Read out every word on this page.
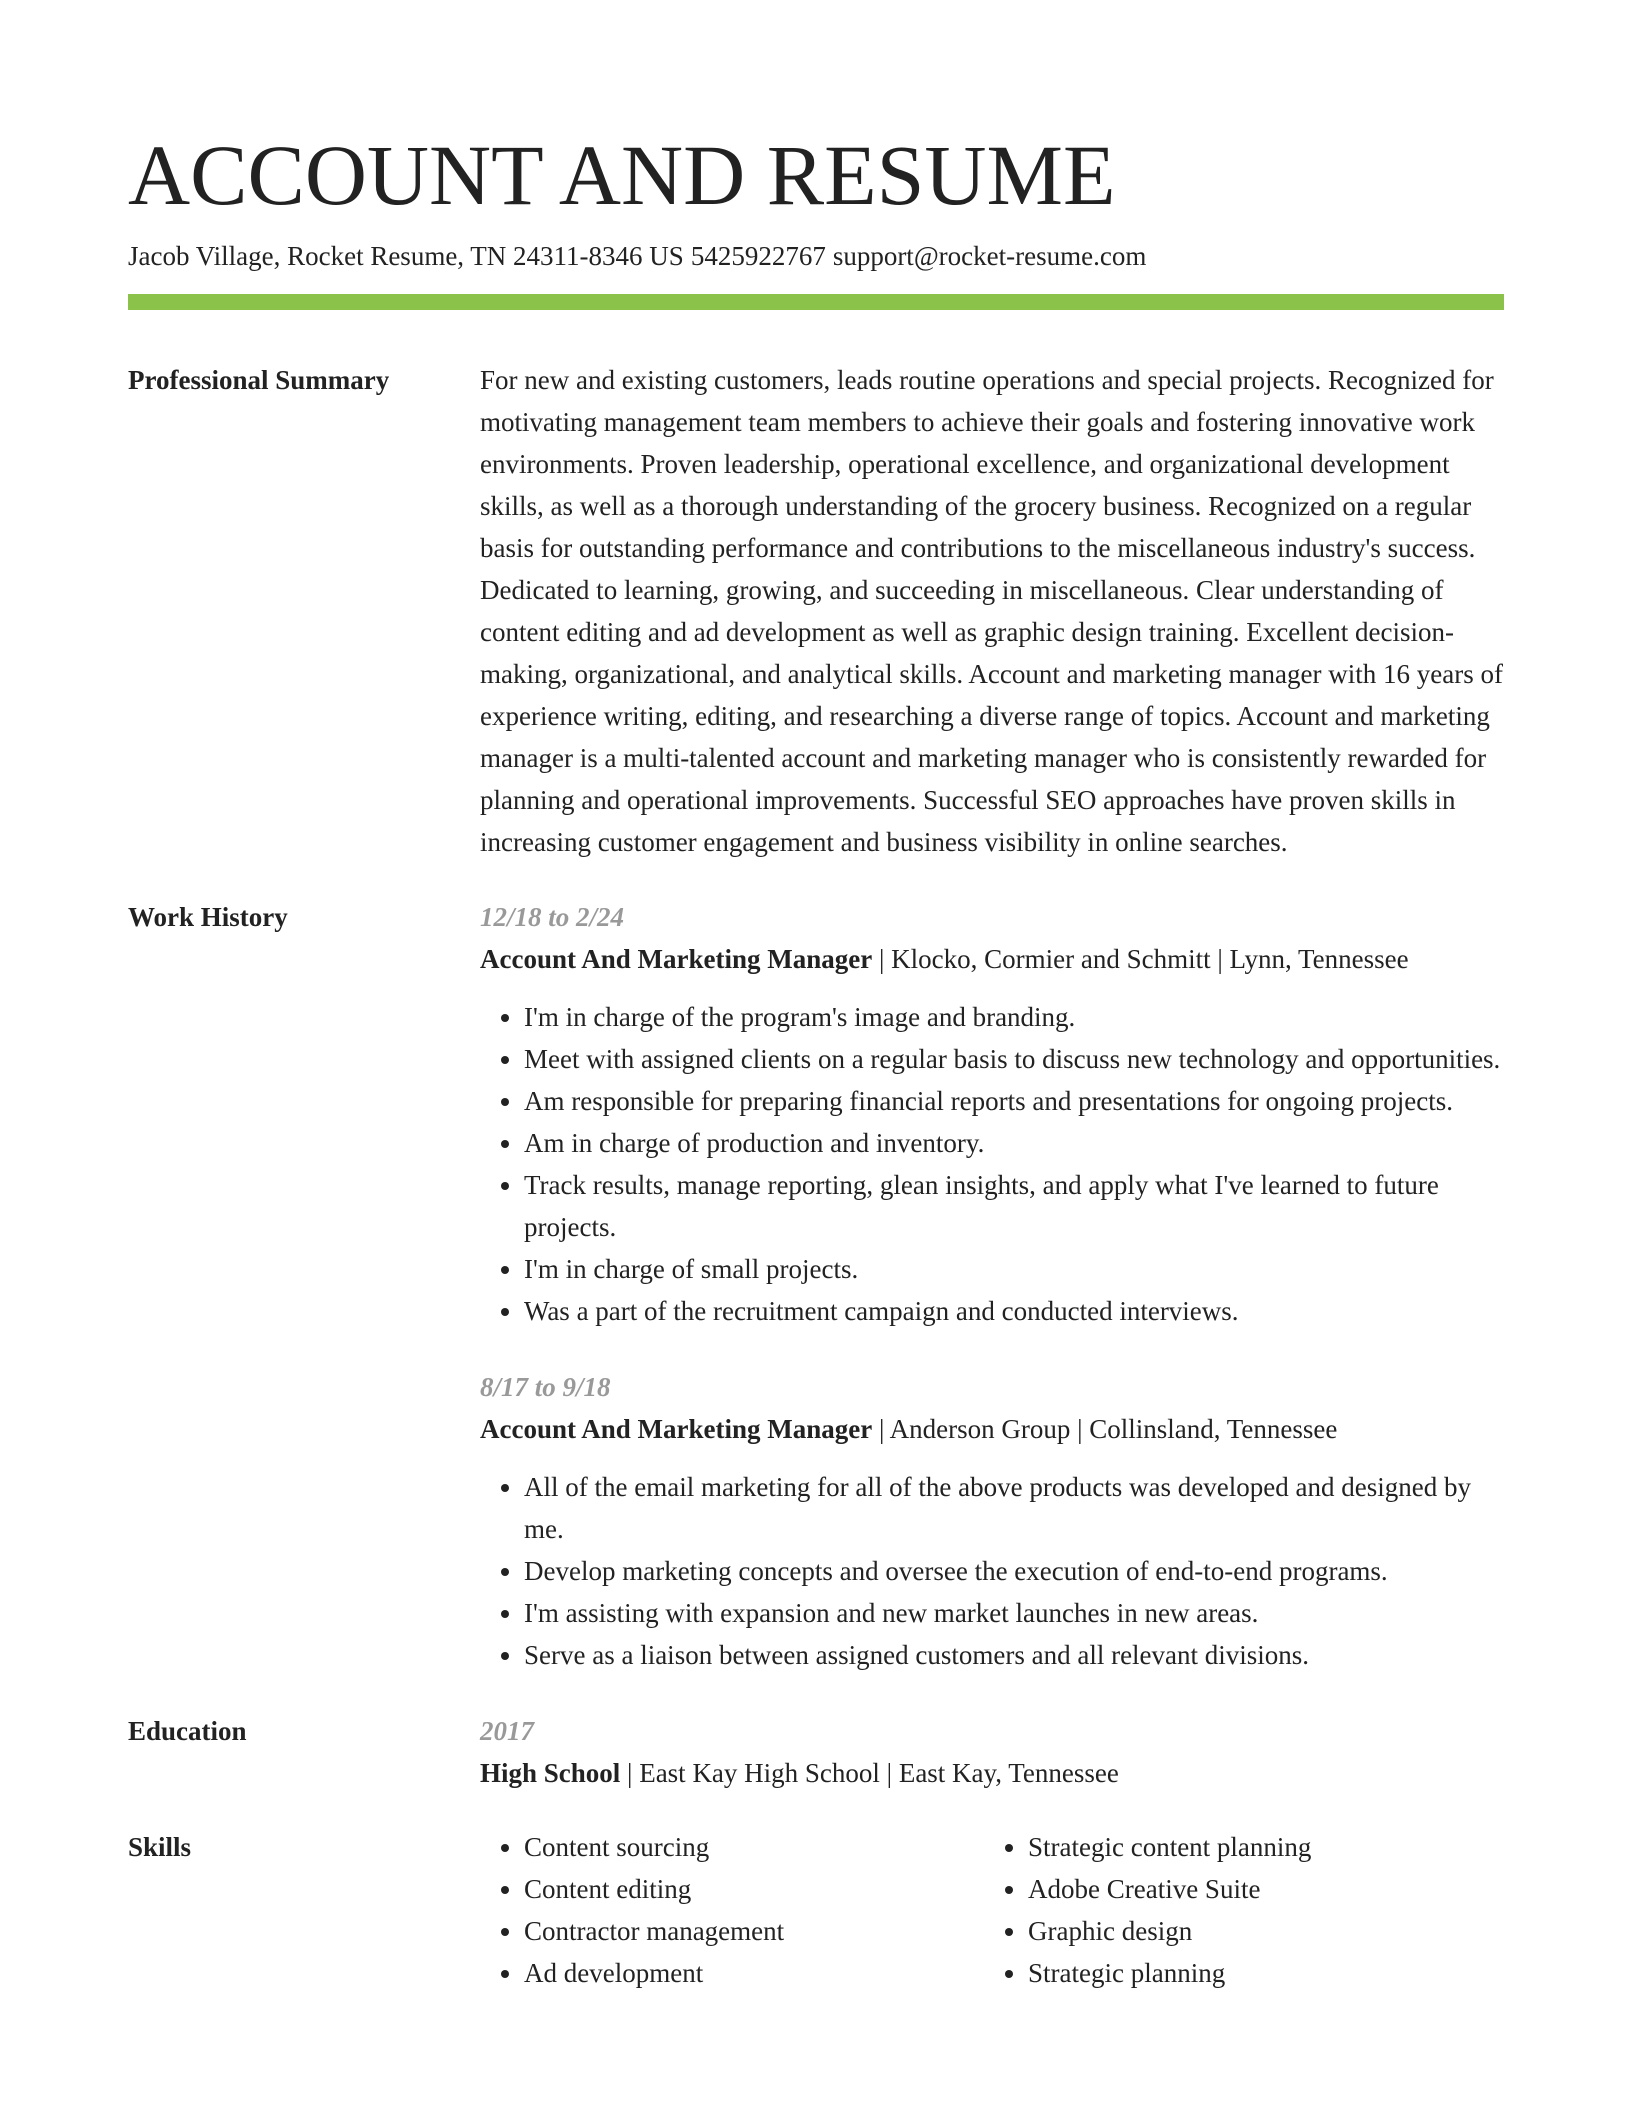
ACCOUNT AND RESUME
Jacob Village, Rocket Resume, TN 24311-8346 US 5425922767 support@rocket-resume.com
Professional Summary	For new and existing customers, leads routine operations and special projects. Recognized for motivating management team members to achieve their goals and fostering innovative work environments. Proven leadership, operational excellence, and organizational development skills, as well as a thorough understanding of the grocery business. Recognized on a regular basis for outstanding performance and contributions to the miscellaneous industry's success. Dedicated to learning, growing, and succeeding in miscellaneous. Clear understanding of content editing and ad development as well as graphic design training. Excellent decision-making, organizational, and analytical skills. Account and marketing manager with 16 years of experience writing, editing, and researching a diverse range of topics. Account and marketing manager is a multi-talented account and marketing manager who is consistently rewarded for planning and operational improvements. Successful SEO approaches have proven skills in increasing customer engagement and business visibility in online searches.

Work History	12/18 to 2/24
Account And Marketing Manager | Klocko, Cormier and Schmitt | Lynn, Tennessee
• I'm in charge of the program's image and branding.
• Meet with assigned clients on a regular basis to discuss new technology and opportunities.
• Am responsible for preparing financial reports and presentations for ongoing projects.
• Am in charge of production and inventory.
• Track results, manage reporting, glean insights, and apply what I've learned to future projects.
• I'm in charge of small projects.
• Was a part of the recruitment campaign and conducted interviews.
8/17 to 9/18
Account And Marketing Manager | Anderson Group | Collinsland, Tennessee
• All of the email marketing for all of the above products was developed and designed by me.
• Develop marketing concepts and oversee the execution of end-to-end programs.
• I'm assisting with expansion and new market launches in new areas.
• Serve as a liaison between assigned customers and all relevant divisions.
Education	2017
High School | East Kay High School | East Kay, Tennessee
Skills
•	Content sourcing
• Content editing
• Contractor management
• Ad development
• Strategic content planning
• Adobe Creative Suite
• Graphic design
• Strategic planning
